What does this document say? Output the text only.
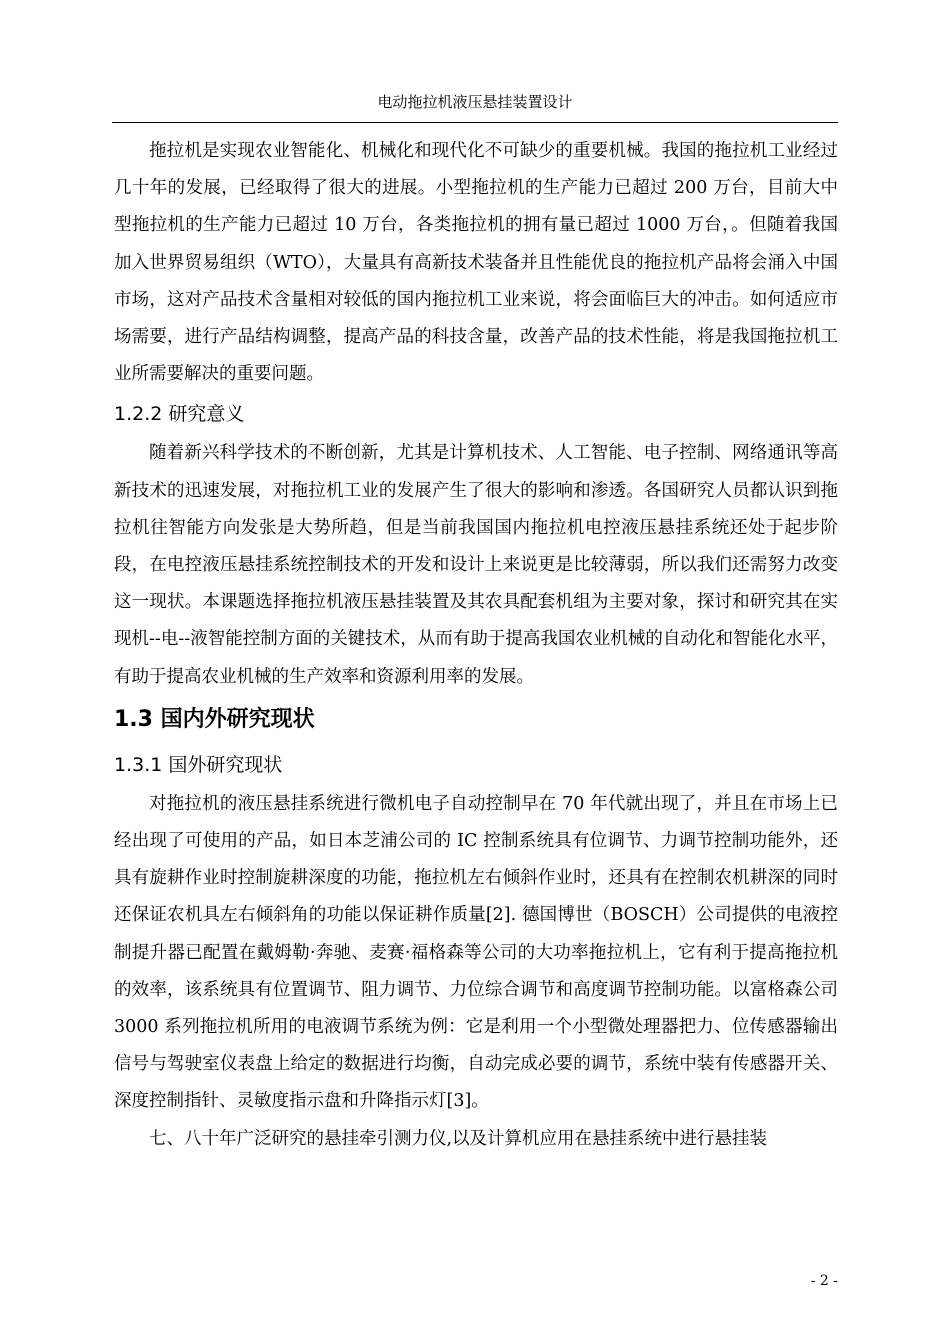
电动拖拉机液压悬挂装置设计

拖拉机是实现农业智能化、机械化和现代化不可缺少的重要机械。我国的拖拉机工业经过几十年的发展，已经取得了很大的进展。小型拖拉机的生产能力已超过 200 万台，目前大中型拖拉机的生产能力已超过 10 万台，各类拖拉机的拥有量已超过 1000 万台，。但随着我国加入世界贸易组织（WTO），大量具有高新技术装备并且性能优良的拖拉机产品将会涌入中国市场，这对产品技术含量相对较低的国内拖拉机工业来说，将会面临巨大的冲击。如何适应市场需要，进行产品结构调整，提高产品的科技含量，改善产品的技术性能，将是我国拖拉机工业所需要解决的重要问题。

1.2.2 研究意义

随着新兴科学技术的不断创新，尤其是计算机技术、人工智能、电子控制、网络通讯等高新技术的迅速发展，对拖拉机工业的发展产生了很大的影响和渗透。各国研究人员都认识到拖拉机往智能方向发张是大势所趋，但是当前我国国内拖拉机电控液压悬挂系统还处于起步阶段，在电控液压悬挂系统控制技术的开发和设计上来说更是比较薄弱，所以我们还需努力改变这一现状。本课题选择拖拉机液压悬挂装置及其农具配套机组为主要对象，探讨和研究其在实现机--电--液智能控制方面的关键技术，从而有助于提高我国农业机械的自动化和智能化水平，有助于提高农业机械的生产效率和资源利用率的发展。

1.3 国内外研究现状
1.3.1 国外研究现状

对拖拉机的液压悬挂系统进行微机电子自动控制早在 70 年代就出现了，并且在市场上已经出现了可使用的产品，如日本芝浦公司的 IC 控制系统具有位调节、力调节控制功能外，还具有旋耕作业时控制旋耕深度的功能，拖拉机左右倾斜作业时，还具有在控制农机耕深的同时还保证农机具左右倾斜角的功能以保证耕作质量[2]. 德国博世（BOSCH）公司提供的电液控制提升器已配置在戴姆勒·奔驰、麦赛·福格森等公司的大功率拖拉机上，它有利于提高拖拉机的效率，该系统具有位置调节、阻力调节、力位综合调节和高度调节控制功能。以富格森公司 3000 系列拖拉机所用的电液调节系统为例：它是利用一个小型微处理器把力、位传感器输出信号与驾驶室仪表盘上给定的数据进行均衡，自动完成必要的调节，系统中装有传感器开关、深度控制指针、灵敏度指示盘和升降指示灯[3]。

七、八十年广泛研究的悬挂牵引测力仪,以及计算机应用在悬挂系统中进行悬挂装

- 2 -
